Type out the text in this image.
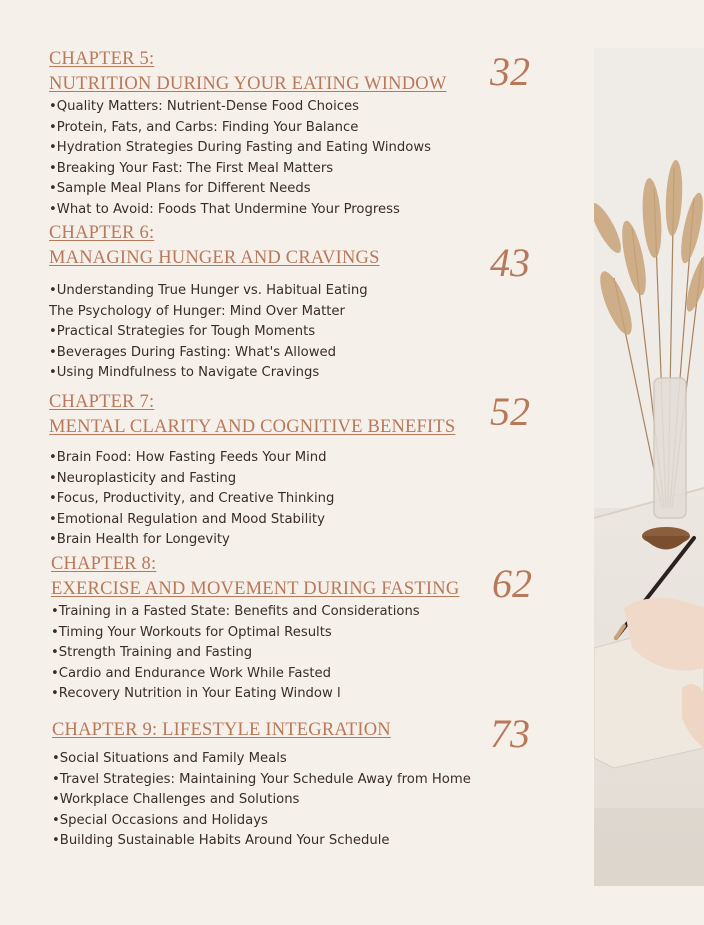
CHAPTER 5:
NUTRITION DURING YOUR EATING WINDOW
•Quality Matters: Nutrient-Dense Food Choices
•Protein, Fats, and Carbs: Finding Your Balance
•Hydration Strategies During Fasting and Eating Windows
•Breaking Your Fast: The First Meal Matters
•Sample Meal Plans for Different Needs
•What to Avoid: Foods That Undermine Your Progress
32
CHAPTER 6:
MANAGING HUNGER AND CRAVINGS
•Understanding True Hunger vs. Habitual Eating
The Psychology of Hunger: Mind Over Matter
•Practical Strategies for Tough Moments
•Beverages During Fasting: What's Allowed
•Using Mindfulness to Navigate Cravings
43
CHAPTER 7:
MENTAL CLARITY AND COGNITIVE BENEFITS
•Brain Food: How Fasting Feeds Your Mind
•Neuroplasticity and Fasting
•Focus, Productivity, and Creative Thinking
•Emotional Regulation and Mood Stability
•Brain Health for Longevity
52
CHAPTER 8:
EXERCISE AND MOVEMENT DURING FASTING
•Training in a Fasted State: Benefits and Considerations
•Timing Your Workouts for Optimal Results
•Strength Training and Fasting
•Cardio and Endurance Work While Fasted
•Recovery Nutrition in Your Eating Window l
62
CHAPTER 9: LIFESTYLE INTEGRATION
•Social Situations and Family Meals
•Travel Strategies: Maintaining Your Schedule Away from Home
•Workplace Challenges and Solutions
•Special Occasions and Holidays
•Building Sustainable Habits Around Your Schedule
73
